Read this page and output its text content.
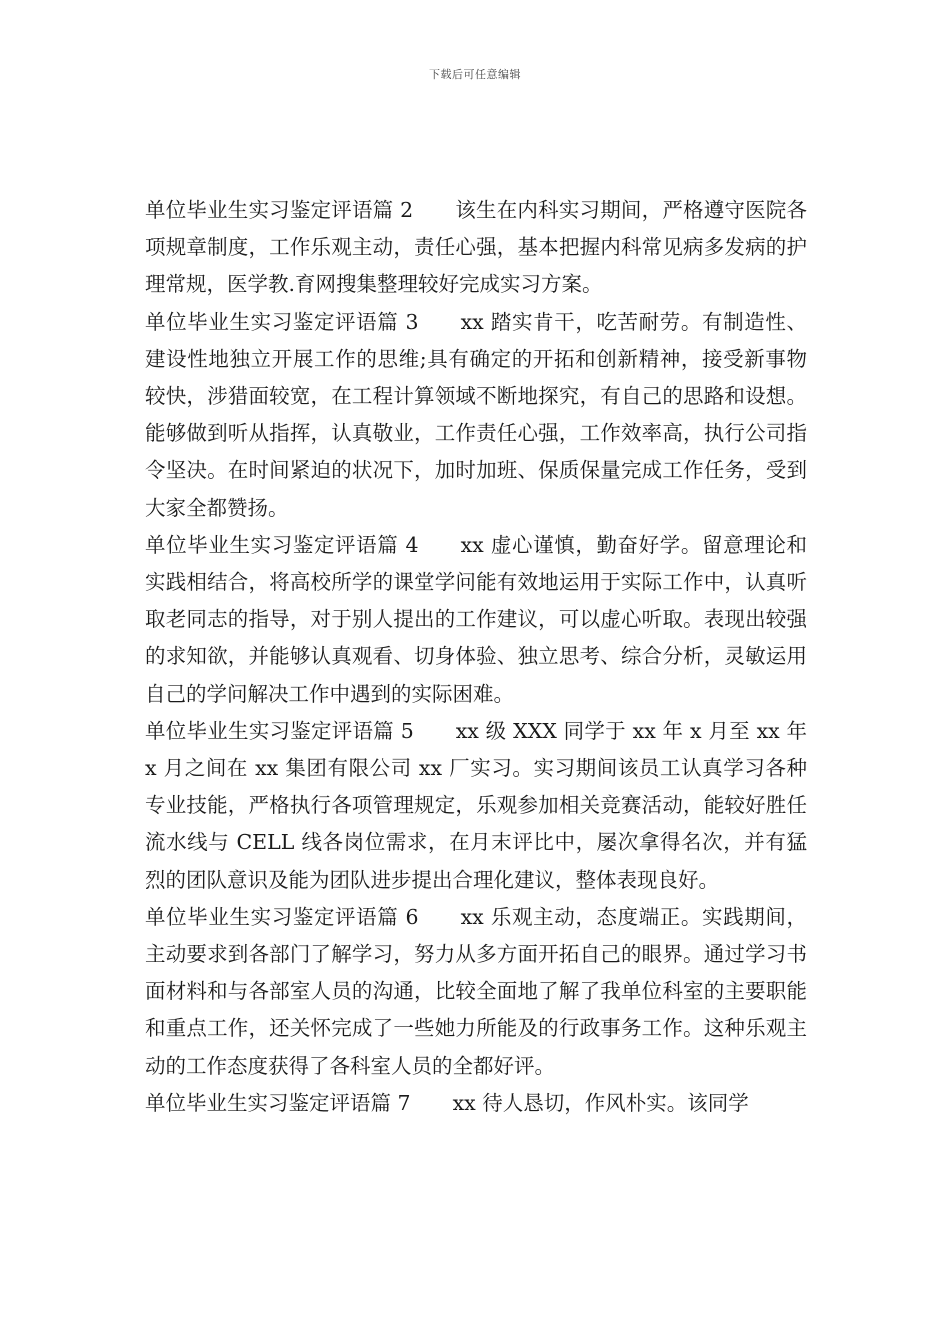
下载后可任意编辑

单位毕业生实习鉴定评语篇 2 该生在内科实习期间，严格遵守医院各项规章制度，工作乐观主动，责任心强，基本把握内科常见病多发病的护理常规，医学教.育网搜集整理较好完成实习方案。

单位毕业生实习鉴定评语篇 3 xx 踏实肯干，吃苦耐劳。有制造性、建设性地独立开展工作的思维;具有确定的开拓和创新精神，接受新事物较快，涉猎面较宽，在工程计算领域不断地探究，有自己的思路和设想。能够做到听从指挥，认真敬业，工作责任心强，工作效率高，执行公司指令坚决。在时间紧迫的状况下，加时加班、保质保量完成工作任务，受到大家全都赞扬。

单位毕业生实习鉴定评语篇 4 xx 虚心谨慎，勤奋好学。留意理论和实践相结合，将高校所学的课堂学问能有效地运用于实际工作中，认真听取老同志的指导，对于别人提出的工作建议，可以虚心听取。表现出较强的求知欲，并能够认真观看、切身体验、独立思考、综合分析，灵敏运用自己的学问解决工作中遇到的实际困难。

单位毕业生实习鉴定评语篇 5 xx 级 XXX 同学于 xx 年 x 月至 xx 年 x 月之间在 xx 集团有限公司 xx 厂实习。实习期间该员工认真学习各种专业技能，严格执行各项管理规定，乐观参加相关竞赛活动，能较好胜任流水线与 CELL 线各岗位需求，在月末评比中，屡次拿得名次，并有猛烈的团队意识及能为团队进步提出合理化建议，整体表现良好。

单位毕业生实习鉴定评语篇 6 xx 乐观主动，态度端正。实践期间，主动要求到各部门了解学习，努力从多方面开拓自己的眼界。通过学习书面材料和与各部室人员的沟通，比较全面地了解了我单位科室的主要职能和重点工作，还关怀完成了一些她力所能及的行政事务工作。这种乐观主动的工作态度获得了各科室人员的全都好评。

单位毕业生实习鉴定评语篇 7 xx 待人恳切，作风朴实。该同学
